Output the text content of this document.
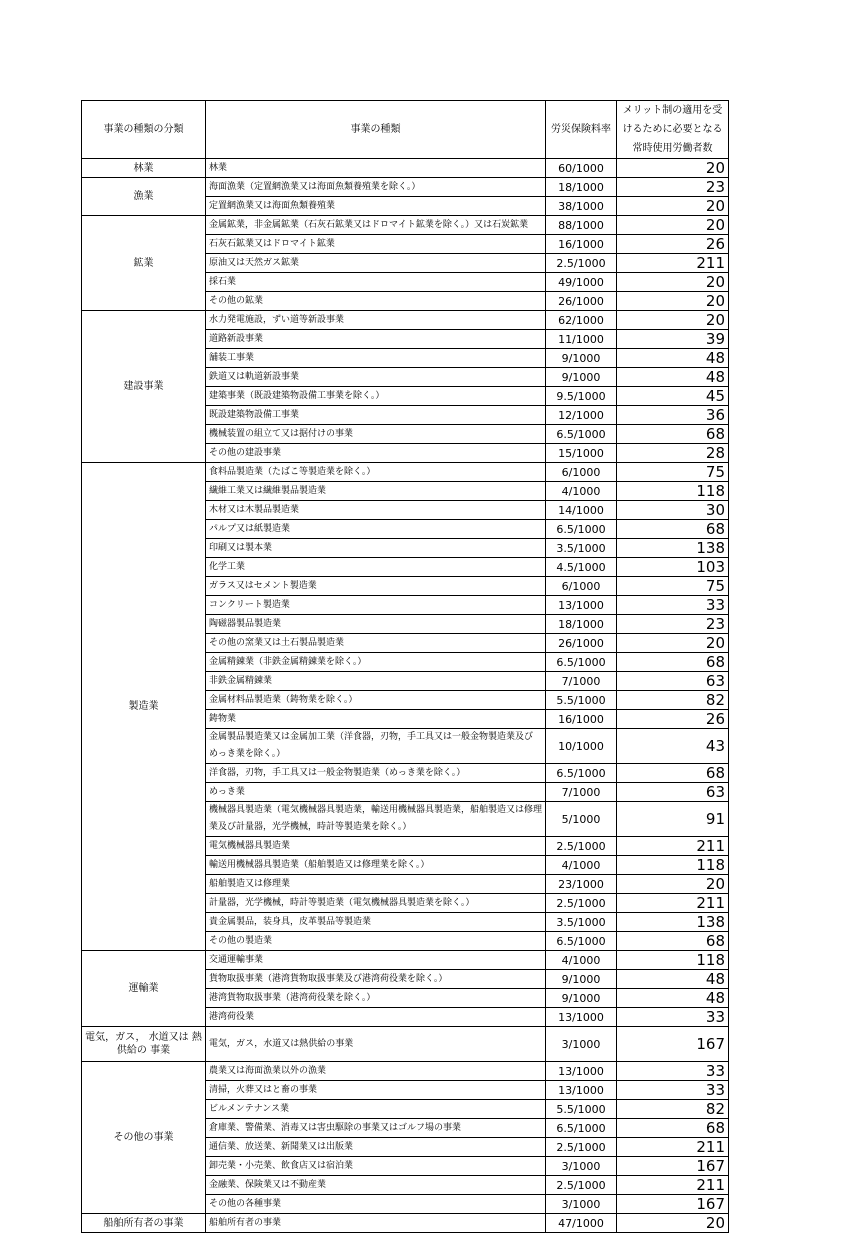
事業の種類の分類	事業の種類	労災保険料率	メリット制の適用を受けるために必要となる常時使用労働者数
林業	林業	60/1000	20
漁業	海面漁業（定置網漁業又は海面魚類養殖業を除く。）	18/1000	23
	定置網漁業又は海面魚類養殖業	38/1000	20
鉱業	金属鉱業，非金属鉱業（石灰石鉱業又はドロマイト鉱業を除く。）又は石炭鉱業	88/1000	20
	石灰石鉱業又はドロマイト鉱業	16/1000	26
	原油又は天然ガス鉱業	2.5/1000	211
	採石業	49/1000	20
	その他の鉱業	26/1000	20
建設事業	水力発電施設，ずい道等新設事業	62/1000	20
	道路新設事業	11/1000	39
	舗装工事業	9/1000	48
	鉄道又は軌道新設事業	9/1000	48
	建築事業（既設建築物設備工事業を除く。）	9.5/1000	45
	既設建築物設備工事業	12/1000	36
	機械装置の組立て又は据付けの事業	6.5/1000	68
	その他の建設事業	15/1000	28
製造業	食料品製造業（たばこ等製造業を除く。）	6/1000	75
	繊維工業又は繊維製品製造業	4/1000	118
	木材又は木製品製造業	14/1000	30
	パルプ又は紙製造業	6.5/1000	68
	印刷又は製本業	3.5/1000	138
	化学工業	4.5/1000	103
	ガラス又はセメント製造業	6/1000	75
	コンクリート製造業	13/1000	33
	陶磁器製品製造業	18/1000	23
	その他の窯業又は土石製品製造業	26/1000	20
	金属精錬業（非鉄金属精錬業を除く。）	6.5/1000	68
	非鉄金属精錬業	7/1000	63
	金属材料品製造業（鋳物業を除く。）	5.5/1000	82
	鋳物業	16/1000	26
	金属製品製造業又は金属加工業（洋食器，刃物，手工具又は一般金物製造業及びめっき業を除く。）	10/1000	43
	洋食器，刃物，手工具又は一般金物製造業（めっき業を除く。）	6.5/1000	68
	めっき業	7/1000	63
	機械器具製造業（電気機械器具製造業，輸送用機械器具製造業，船舶製造又は修理業及び計量器，光学機械，時計等製造業を除く。）	5/1000	91
	電気機械器具製造業	2.5/1000	211
	輸送用機械器具製造業（船舶製造又は修理業を除く。）	4/1000	118
	船舶製造又は修理業	23/1000	20
	計量器，光学機械，時計等製造業（電気機械器具製造業を除く。）	2.5/1000	211
	貴金属製品，装身具，皮革製品等製造業	3.5/1000	138
	その他の製造業	6.5/1000	68
運輸業	交通運輸事業	4/1000	118
	貨物取扱事業（港湾貨物取扱事業及び港湾荷役業を除く。）	9/1000	48
	港湾貨物取扱事業（港湾荷役業を除く。）	9/1000	48
	港湾荷役業	13/1000	33
電気，ガス， 水道又は 熱供給の 事業	電気，ガス，水道又は熱供給の事業	3/1000	167
その他の事業	農業又は海面漁業以外の漁業	13/1000	33
	清掃，火葬又はと畜の事業	13/1000	33
	ビルメンテナンス業	5.5/1000	82
	倉庫業、警備業、消毒又は害虫駆除の事業又はゴルフ場の事業	6.5/1000	68
	通信業、放送業、新聞業又は出版業	2.5/1000	211
	卸売業・小売業、飲食店又は宿泊業	3/1000	167
	金融業、保険業又は不動産業	2.5/1000	211
	その他の各種事業	3/1000	167
船舶所有者の事業	船舶所有者の事業	47/1000	20
